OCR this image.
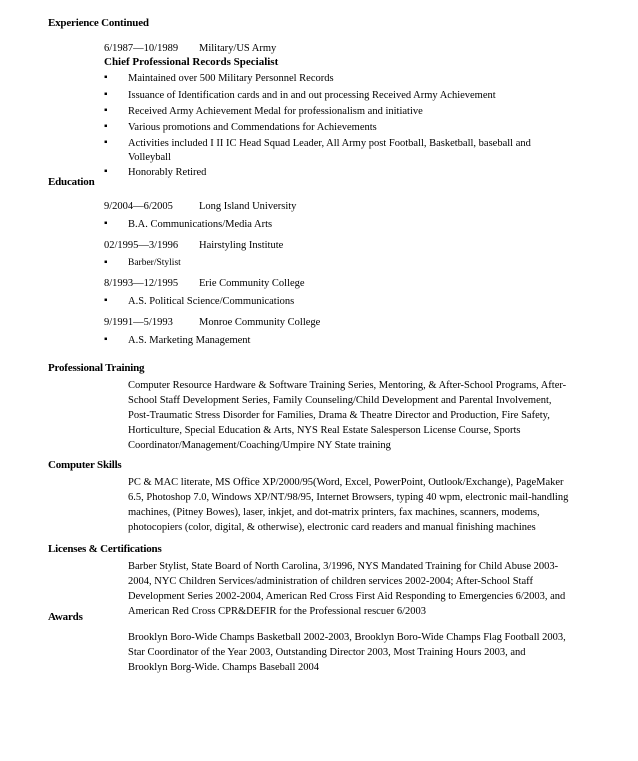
Experience Continued
6/1987—10/1989 Military/US Army
Chief Professional Records Specialist
▪ Maintained over 500 Military Personnel Records
▪ Issuance of Identification cards and in and out processing Received Army Achievement
▪ Received Army Achievement Medal for professionalism and initiative
▪ Various promotions and Commendations for Achievements
▪ Activities included I II IC Head Squad Leader, All Army post Football, Basketball, baseball and
Volleyball
▪ Honorably Retired
Education
9/2004—6/2005 Long Island University
▪ B.A. Communications/Media Arts
02/1995—3/1996 Hairstyling Institute
▪ Barber/Stylist
8/1993—12/1995 Erie Community College
▪ A.S. Political Science/Communications
9/1991—5/1993 Monroe Community College
▪ A.S. Marketing Management
Professional Training
Computer Resource Hardware & Software Training Series, Mentoring, & After-School Programs, After-
School Staff Development Series, Family Counseling/Child Development and Parental Involvement,
Post-Traumatic Stress Disorder for Families, Drama & Theatre Director and Production, Fire Safety,
Horticulture, Special Education & Arts, NYS Real Estate Salesperson License Course, Sports
Coordinator/Management/Coaching/Umpire NY State training
Computer Skills
PC & MAC literate, MS Office XP/2000/95(Word, Excel, PowerPoint, Outlook/Exchange), PageMaker
6.5, Photoshop 7.0, Windows XP/NT/98/95, Internet Browsers, typing 40 wpm, electronic mail-handling
machines, (Pitney Bowes), laser, inkjet, and dot-matrix printers, fax machines, scanners, modems,
photocopiers (color, digital, & otherwise), electronic card readers and manual finishing machines
Licenses & Certifications
Barber Stylist, State Board of North Carolina, 3/1996, NYS Mandated Training for Child Abuse 2003-
2004, NYC Children Services/administration of children services 2002-2004; After-School Staff
Development Series 2002-2004, American Red Cross First Aid Responding to Emergencies 6/2003, and
American Red Cross CPR&DEFIR for the Professional rescuer 6/2003
Awards
Brooklyn Boro-Wide Champs Basketball 2002-2003, Brooklyn Boro-Wide Champs Flag Football 2003,
Star Coordinator of the Year 2003, Outstanding Director 2003, Most Training Hours 2003, and
Brooklyn Borg-Wide. Champs Baseball 2004
